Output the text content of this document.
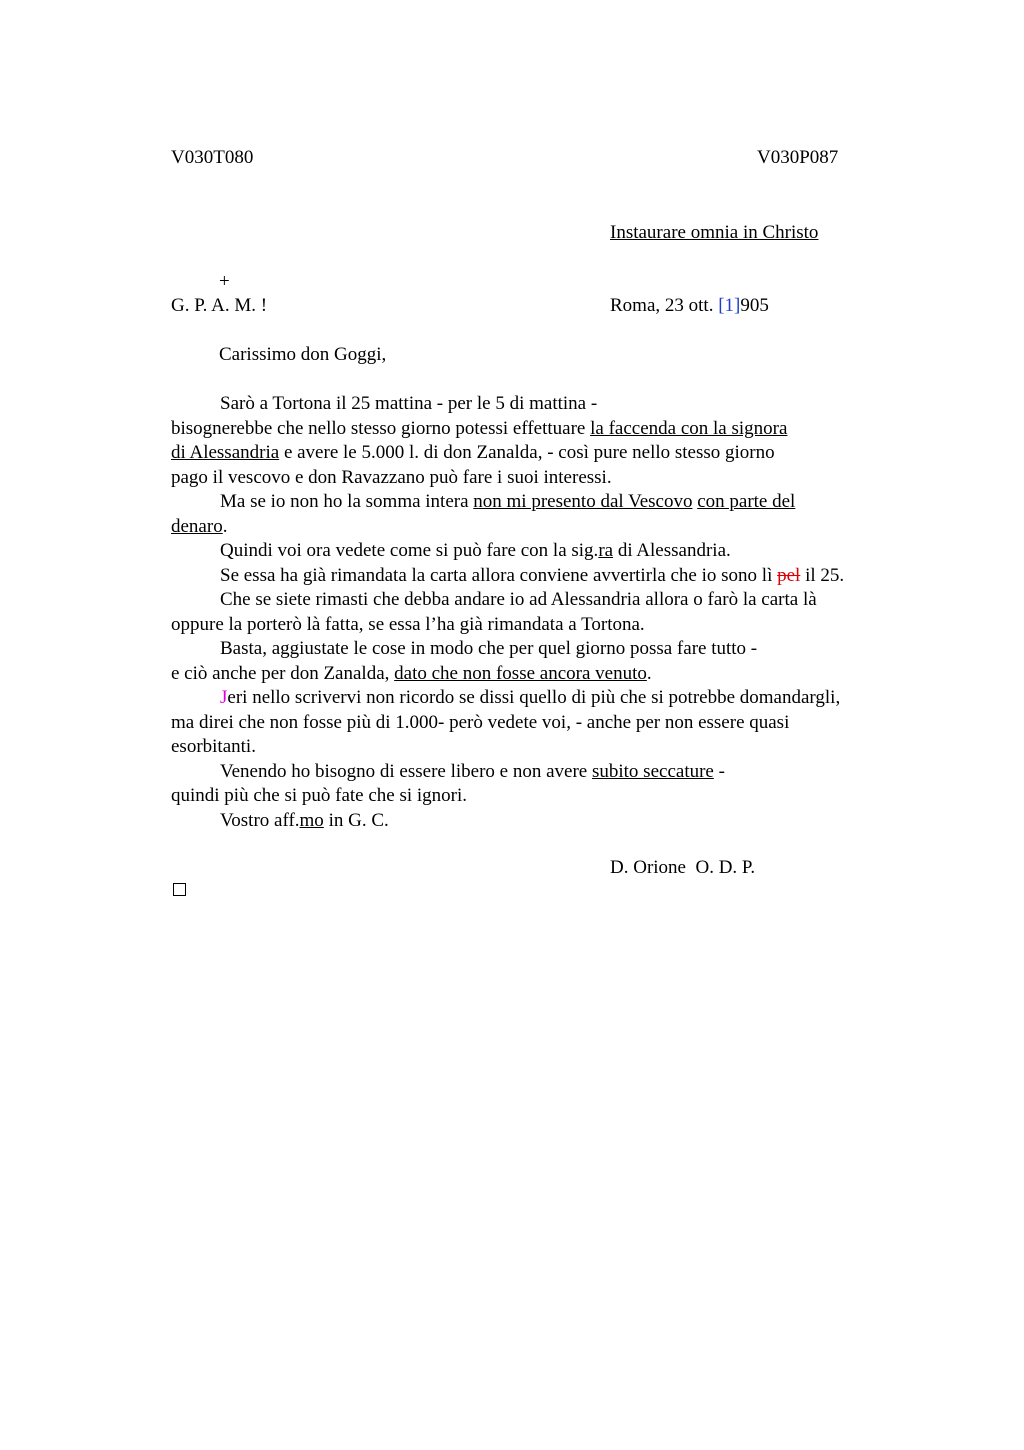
V030T080	V030P087
Instaurare omnia in Christo
+
G. P. A. M. !	Roma, 23 ott. [1]905
Carissimo don Goggi,
Sarò a Tortona il 25 mattina - per le 5 di mattina -
bisognerebbe che nello stesso giorno potessi effettuare la faccenda con la signora
di Alessandria e avere le 5.000 l. di don Zanalda, - così pure nello stesso giorno
pago il vescovo e don Ravazzano può fare i suoi interessi.
Ma se io non ho la somma intera non mi presento dal Vescovo con parte del
denaro.
Quindi voi ora vedete come si può fare con la sig.ra di Alessandria.
Se essa ha già rimandata la carta allora conviene avvertirla che io sono lì pel il 25.
Che se siete rimasti che debba andare io ad Alessandria allora o farò la carta là
oppure la porterò là fatta, se essa l’ha già rimandata a Tortona.
Basta, aggiustate le cose in modo che per quel giorno possa fare tutto -
e ciò anche per don Zanalda, dato che non fosse ancora venuto.
Jeri nello scrivervi non ricordo se dissi quello di più che si potrebbe domandargli,
ma direi che non fosse più di 1.000- però vedete voi, - anche per non essere quasi
esorbitanti.
Venendo ho bisogno di essere libero e non avere subito seccature -
quindi più che si può fate che si ignori.
Vostro aff.mo in G. C.
D. Orione  O. D. P.
